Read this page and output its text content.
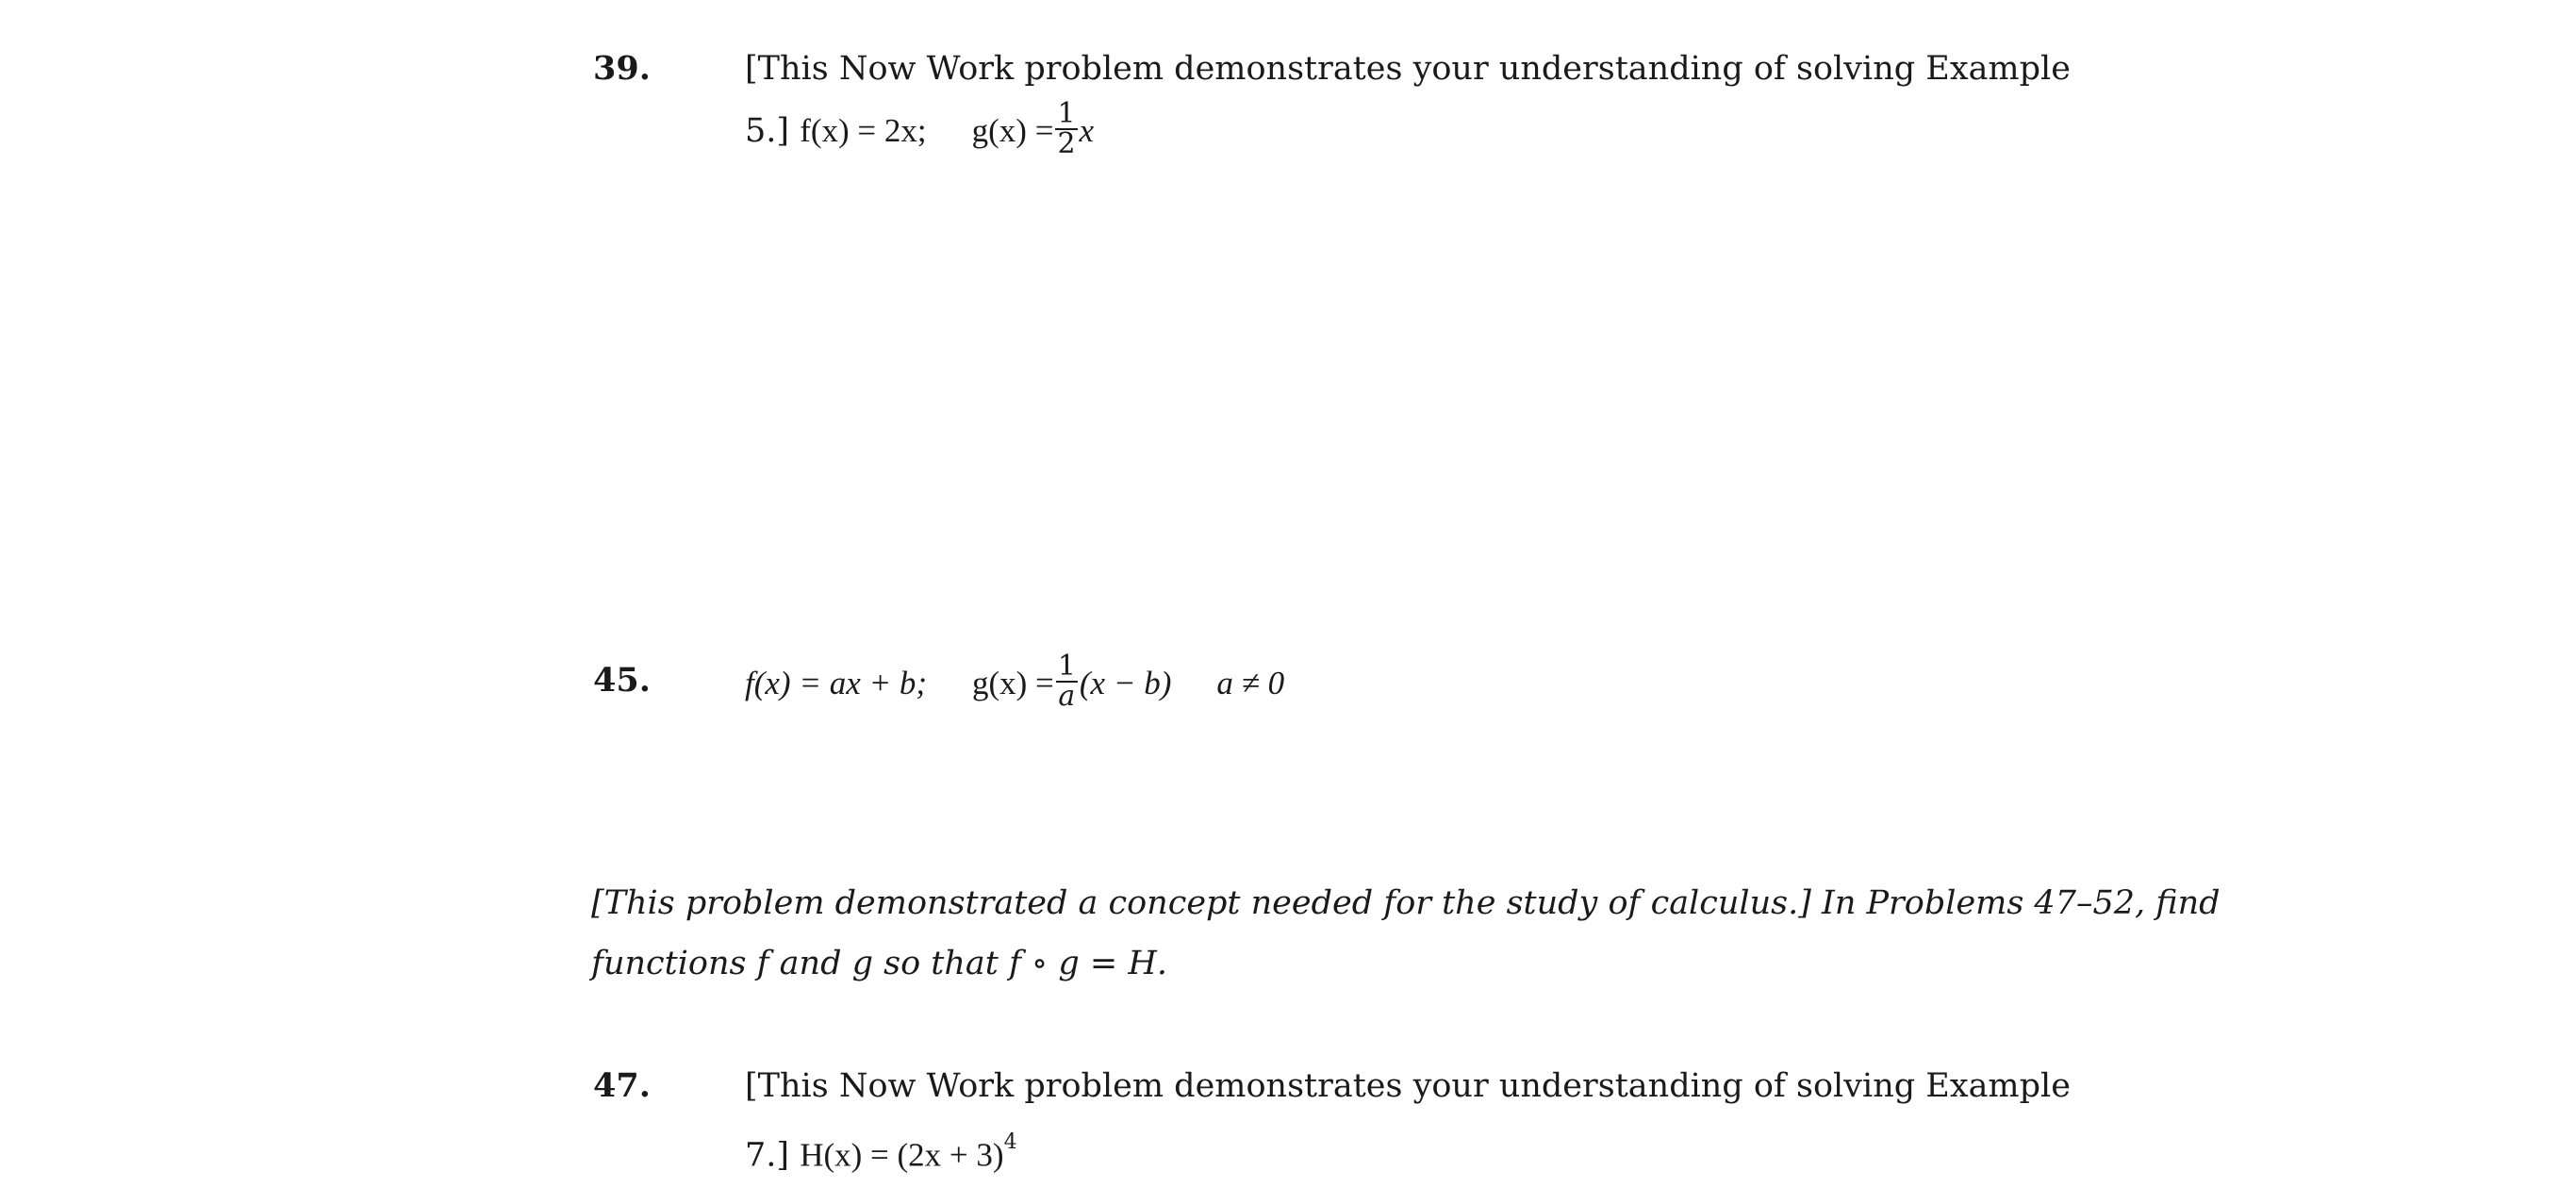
39.	[This Now Work problem demonstrates your understanding of solving Example
5.] f(x) = 2x; $g(x) = \frac{1}{2}$ x
45.	f(x) = ax + b; $g(x) = \frac{1}{a} (x - b) a \ne 0$
[This problem demonstrated a concept needed for the study of calculus.] In Problems 47–52, find
functions f and g so that f ∘ g = H.
47.	[This Now Work problem demonstrates your understanding of solving Example
7.] $H(x) = (2x + 3)^4$
